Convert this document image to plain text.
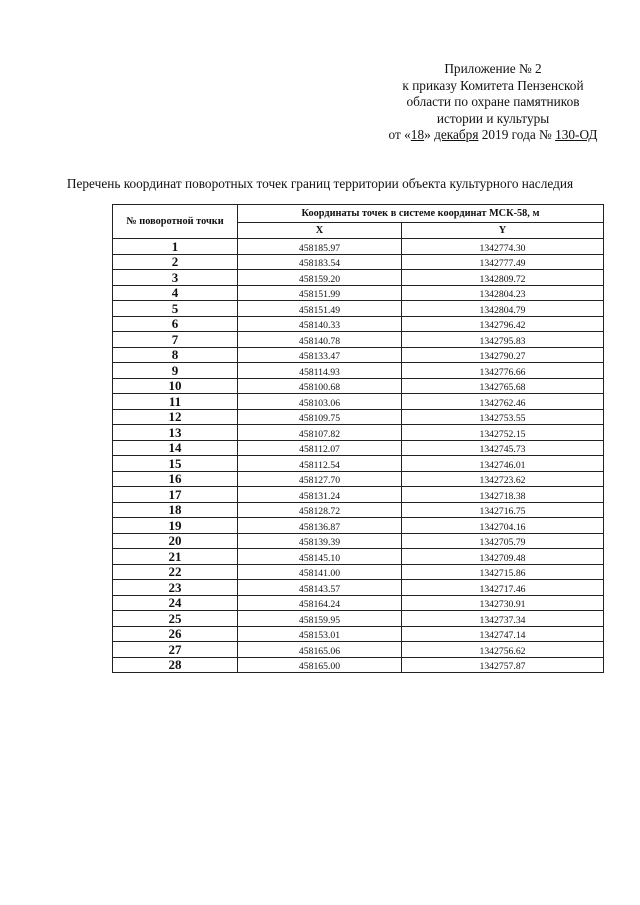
Приложение № 2
к приказу Комитета Пензенской
области по охране памятников
истории и культуры
от «18» декабря 2019 года № 130-ОД
Перечень координат поворотных точек границ территории объекта культурного наследия
№ поворотной точки	Координаты точек в системе координат МСК-58, м	
	X	Y
1	458185.97	1342774.30
2	458183.54	1342777.49
3	458159.20	1342809.72
4	458151.99	1342804.23
5	458151.49	1342804.79
6	458140.33	1342796.42
7	458140.78	1342795.83
8	458133.47	1342790.27
9	458114.93	1342776.66
10	458100.68	1342765.68
11	458103.06	1342762.46
12	458109.75	1342753.55
13	458107.82	1342752.15
14	458112.07	1342745.73
15	458112.54	1342746.01
16	458127.70	1342723.62
17	458131.24	1342718.38
18	458128.72	1342716.75
19	458136.87	1342704.16
20	458139.39	1342705.79
21	458145.10	1342709.48
22	458141.00	1342715.86
23	458143.57	1342717.46
24	458164.24	1342730.91
25	458159.95	1342737.34
26	458153.01	1342747.14
27	458165.06	1342756.62
28	458165.00	1342757.87
